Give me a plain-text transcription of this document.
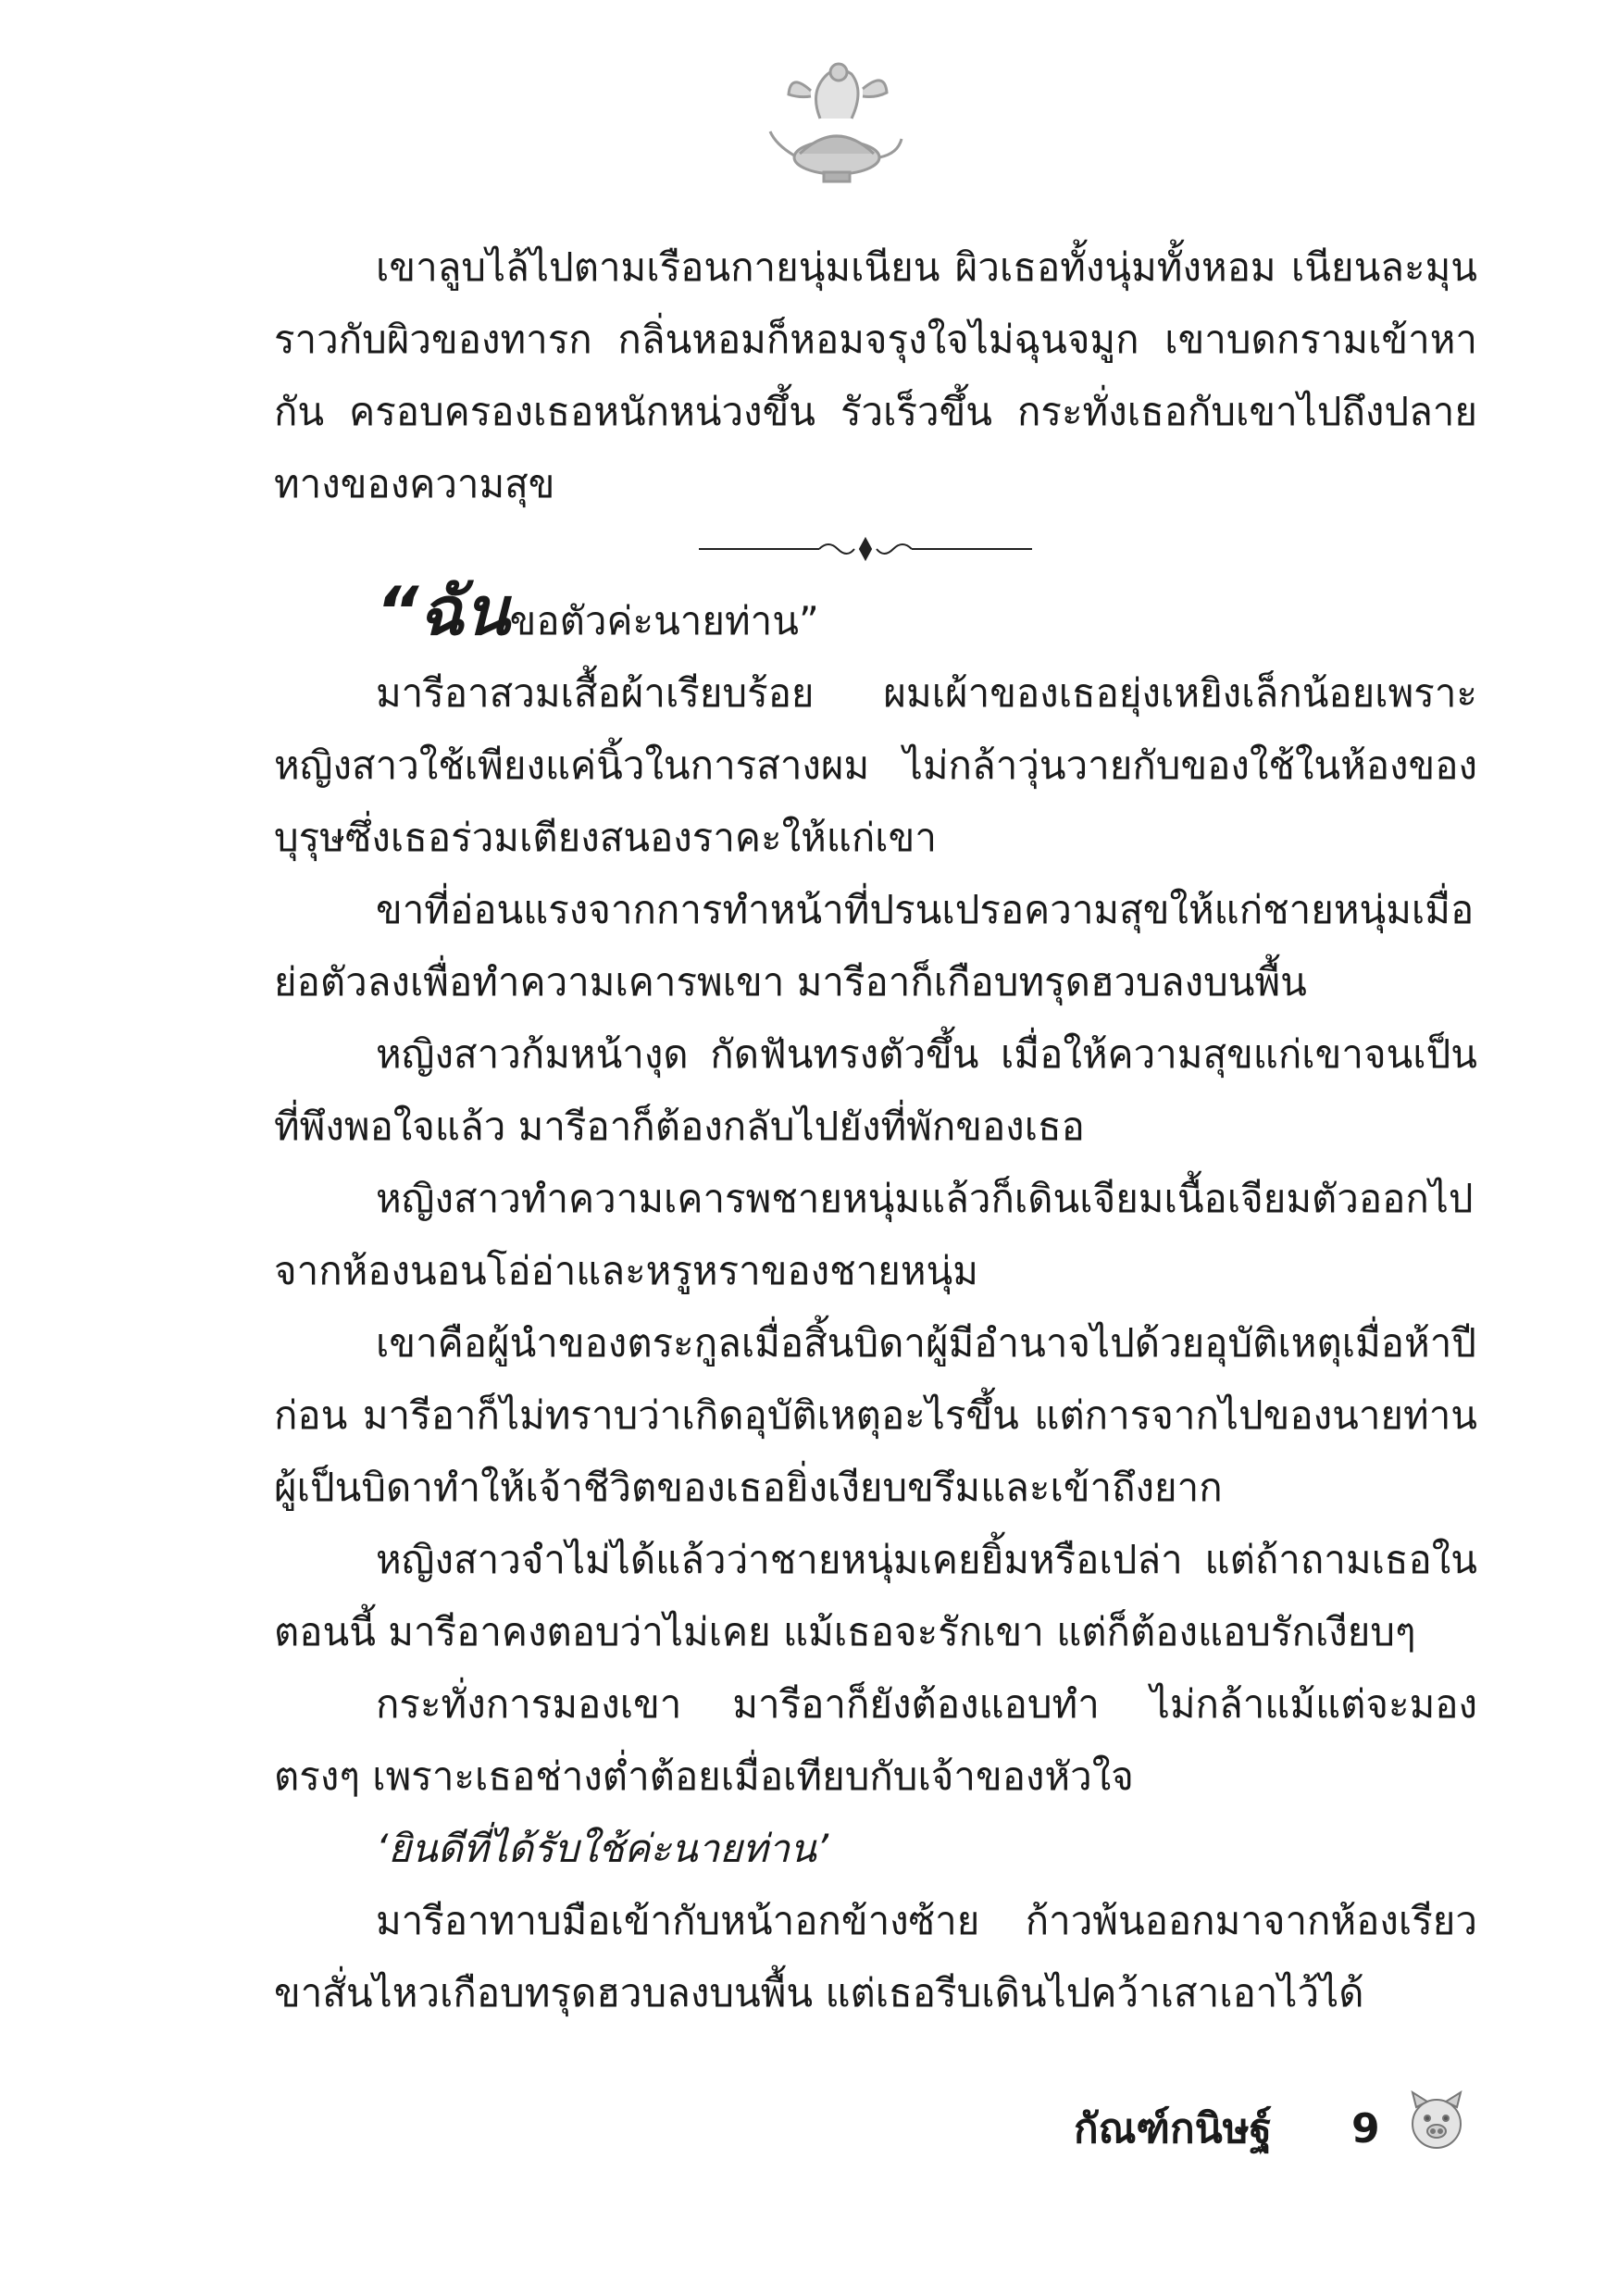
เขาลูบไล้ไปตามเรือนกายนุ่มเนียน ผิวเธอทั้งนุ่มทั้งหอม เนียนละมุนราวกับผิวของทารก กลิ่นหอมก็หอมจรุงใจไม่ฉุนจมูก เขาบดกรามเข้าหากัน ครอบครองเธอหนักหน่วงขึ้น รัวเร็วขึ้น กระทั่งเธอกับเขาไปถึงปลายทางของความสุข

“ฉันขอตัวค่ะนายท่าน”

มารีอาสวมเสื้อผ้าเรียบร้อย ผมเผ้าของเธอยุ่งเหยิงเล็กน้อยเพราะหญิงสาวใช้เพียงแค่นิ้วในการสางผม ไม่กล้าวุ่นวายกับของใช้ในห้องของบุรุษซึ่งเธอร่วมเตียงสนองราคะให้แก่เขา

ขาที่อ่อนแรงจากการทำหน้าที่ปรนเปรอความสุขให้แก่ชายหนุ่มเมื่อย่อตัวลงเพื่อทำความเคารพเขา มารีอาก็เกือบทรุดฮวบลงบนพื้น

หญิงสาวก้มหน้างุด กัดฟันทรงตัวขึ้น เมื่อให้ความสุขแก่เขาจนเป็นที่พึงพอใจแล้ว มารีอาก็ต้องกลับไปยังที่พักของเธอ

หญิงสาวทำความเคารพชายหนุ่มแล้วก็เดินเจียมเนื้อเจียมตัวออกไปจากห้องนอนโอ่อ่าและหรูหราของชายหนุ่ม

เขาคือผู้นำของตระกูลเมื่อสิ้นบิดาผู้มีอำนาจไปด้วยอุบัติเหตุเมื่อห้าปีก่อน มารีอาก็ไม่ทราบว่าเกิดอุบัติเหตุอะไรขึ้น แต่การจากไปของนายท่านผู้เป็นบิดาทำให้เจ้าชีวิตของเธอยิ่งเงียบขรึมและเข้าถึงยาก

หญิงสาวจำไม่ได้แล้วว่าชายหนุ่มเคยยิ้มหรือเปล่า แต่ถ้าถามเธอในตอนนี้ มารีอาคงตอบว่าไม่เคย แม้เธอจะรักเขา แต่ก็ต้องแอบรักเงียบๆ

กระทั่งการมองเขา มารีอาก็ยังต้องแอบทำ ไม่กล้าแม้แต่จะมองตรงๆ เพราะเธอช่างต่ำต้อยเมื่อเทียบกับเจ้าของหัวใจ

‘ยินดีที่ได้รับใช้ค่ะนายท่าน’

มารีอาทาบมือเข้ากับหน้าอกข้างซ้าย ก้าวพ้นออกมาจากห้องเรียวขาสั่นไหวเกือบทรุดฮวบลงบนพื้น แต่เธอรีบเดินไปคว้าเสาเอาไว้ได้

กัณฑ์กนิษฐ์ 9
